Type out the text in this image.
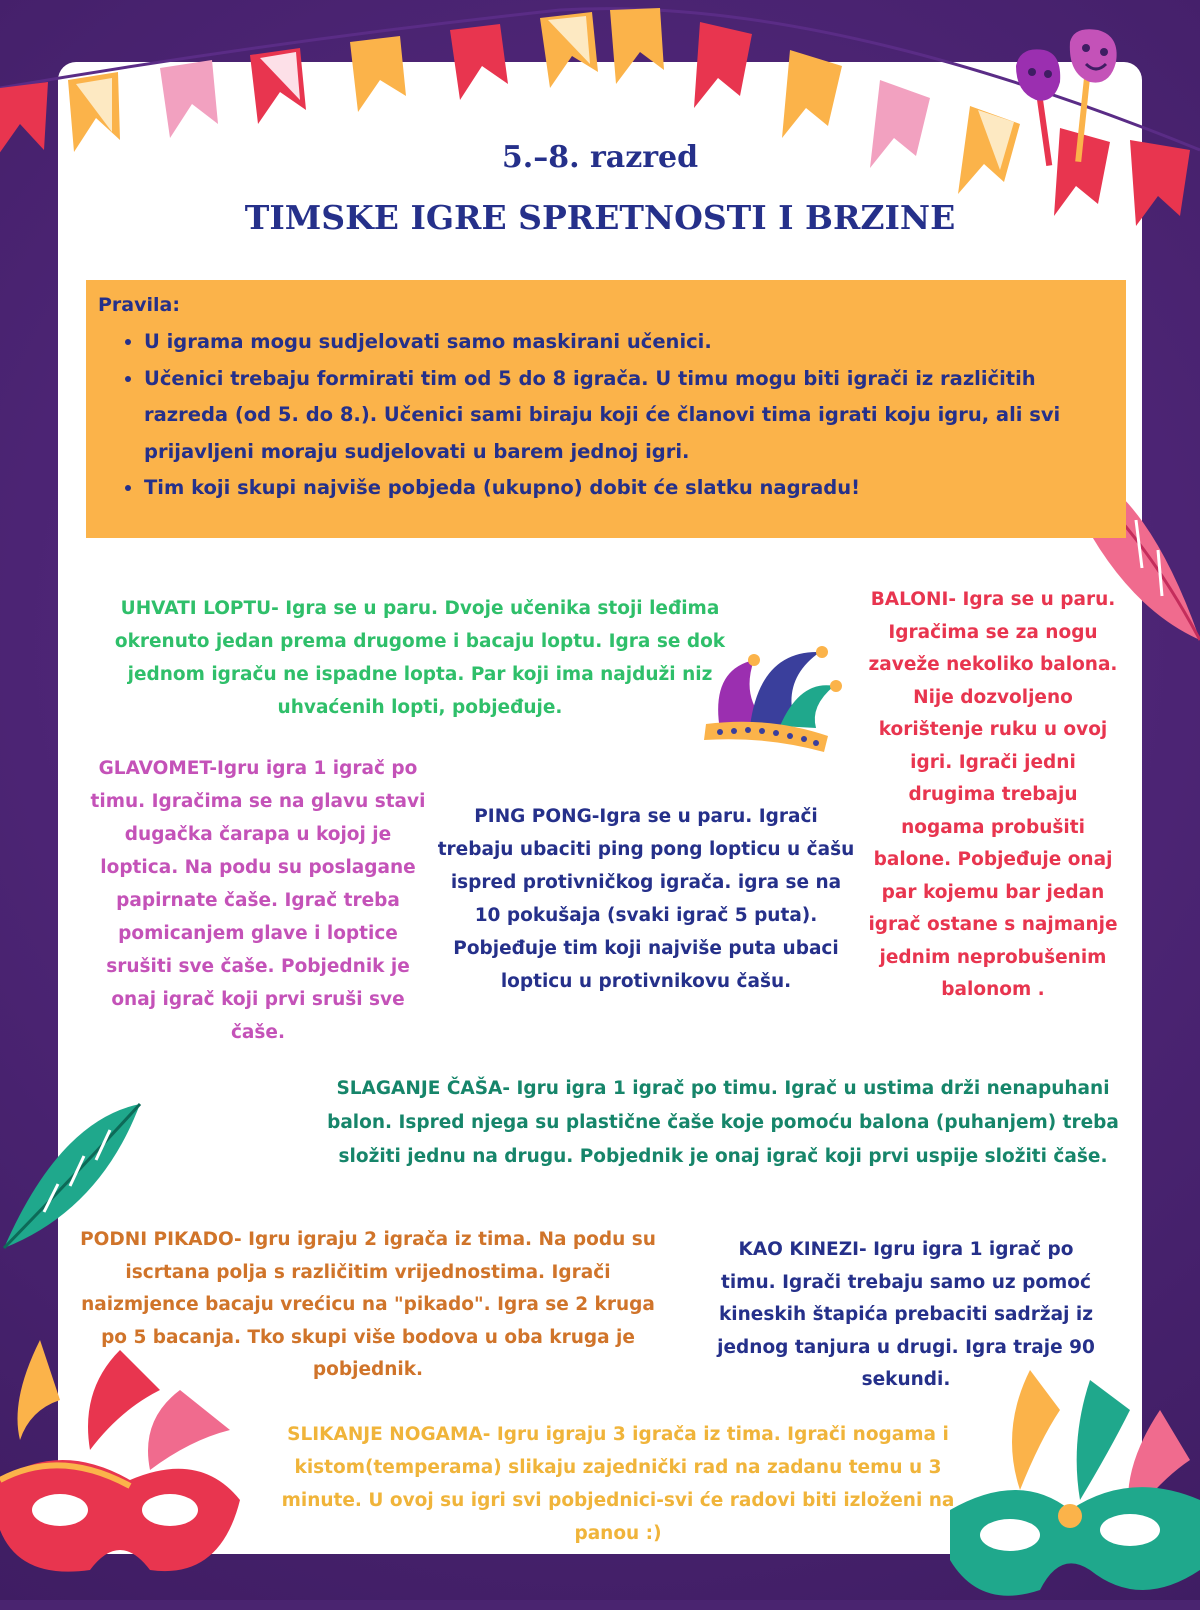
5.–8. razred
TIMSKE IGRE SPRETNOSTI I BRZINE
Pravila:
• U igrama mogu sudjelovati samo maskirani učenici.
• Učenici trebaju formirati tim od 5 do 8 igrača. U timu mogu biti igrači iz različitih razreda (od 5. do 8.). Učenici sami biraju koji će članovi tima igrati koju igru, ali svi prijavljeni moraju sudjelovati u barem jednoj igri.
• Tim koji skupi najviše pobjeda (ukupno) dobit će slatku nagradu!
UHVATI LOPTU- Igra se u paru. Dvoje učenika stoji leđima okrenuto jedan prema drugome i bacaju loptu. Igra se dok jednom igraču ne ispadne lopta. Par koji ima najduži niz uhvaćenih lopti, pobjeđuje.
BALONI- Igra se u paru. Igračima se za nogu zaveže nekoliko balona. Nije dozvoljeno korištenje ruku u ovoj igri. Igrači jedni drugima trebaju nogama probušiti balone. Pobjeđuje onaj par kojemu bar jedan igrač ostane s najmanje jednim neprobušenim balonom .
GLAVOMET-Igru igra 1 igrač po timu. Igračima se na glavu stavi dugačka čarapa u kojoj je loptica. Na podu su poslagane papirnate čaše. Igrač treba pomicanjem glave i loptice srušiti sve čaše. Pobjednik je onaj igrač koji prvi sruši sve čaše.
PING PONG-Igra se u paru. Igrači trebaju ubaciti ping pong lopticu u čašu ispred protivničkog igrača. igra se na 10 pokušaja (svaki igrač 5 puta). Pobjeđuje tim koji najviše puta ubaci lopticu u protivnikovu čašu.
SLAGANJE ČAŠA- Igru igra 1 igrač po timu. Igrač u ustima drži nenapuhani balon. Ispred njega su plastične čaše koje pomoću balona (puhanjem) treba složiti jednu na drugu. Pobjednik je onaj igrač koji prvi uspije složiti čaše.
PODNI PIKADO- Igru igraju 2 igrača iz tima. Na podu su iscrtana polja s različitim vrijednostima. Igrači naizmjence bacaju vrećicu na "pikado". Igra se 2 kruga po 5 bacanja. Tko skupi više bodova u oba kruga je pobjednik.
KAO KINEZI- Igru igra 1 igrač po timu. Igrači trebaju samo uz pomoć kineskih štapića prebaciti sadržaj iz jednog tanjura u drugi. Igra traje 90 sekundi.
SLIKANJE NOGAMA- Igru igraju 3 igrača iz tima. Igrači nogama i kistom(temperama) slikaju zajednički rad na zadanu temu u 3 minute. U ovoj su igri svi pobjednici-svi će radovi biti izloženi na panou :)
